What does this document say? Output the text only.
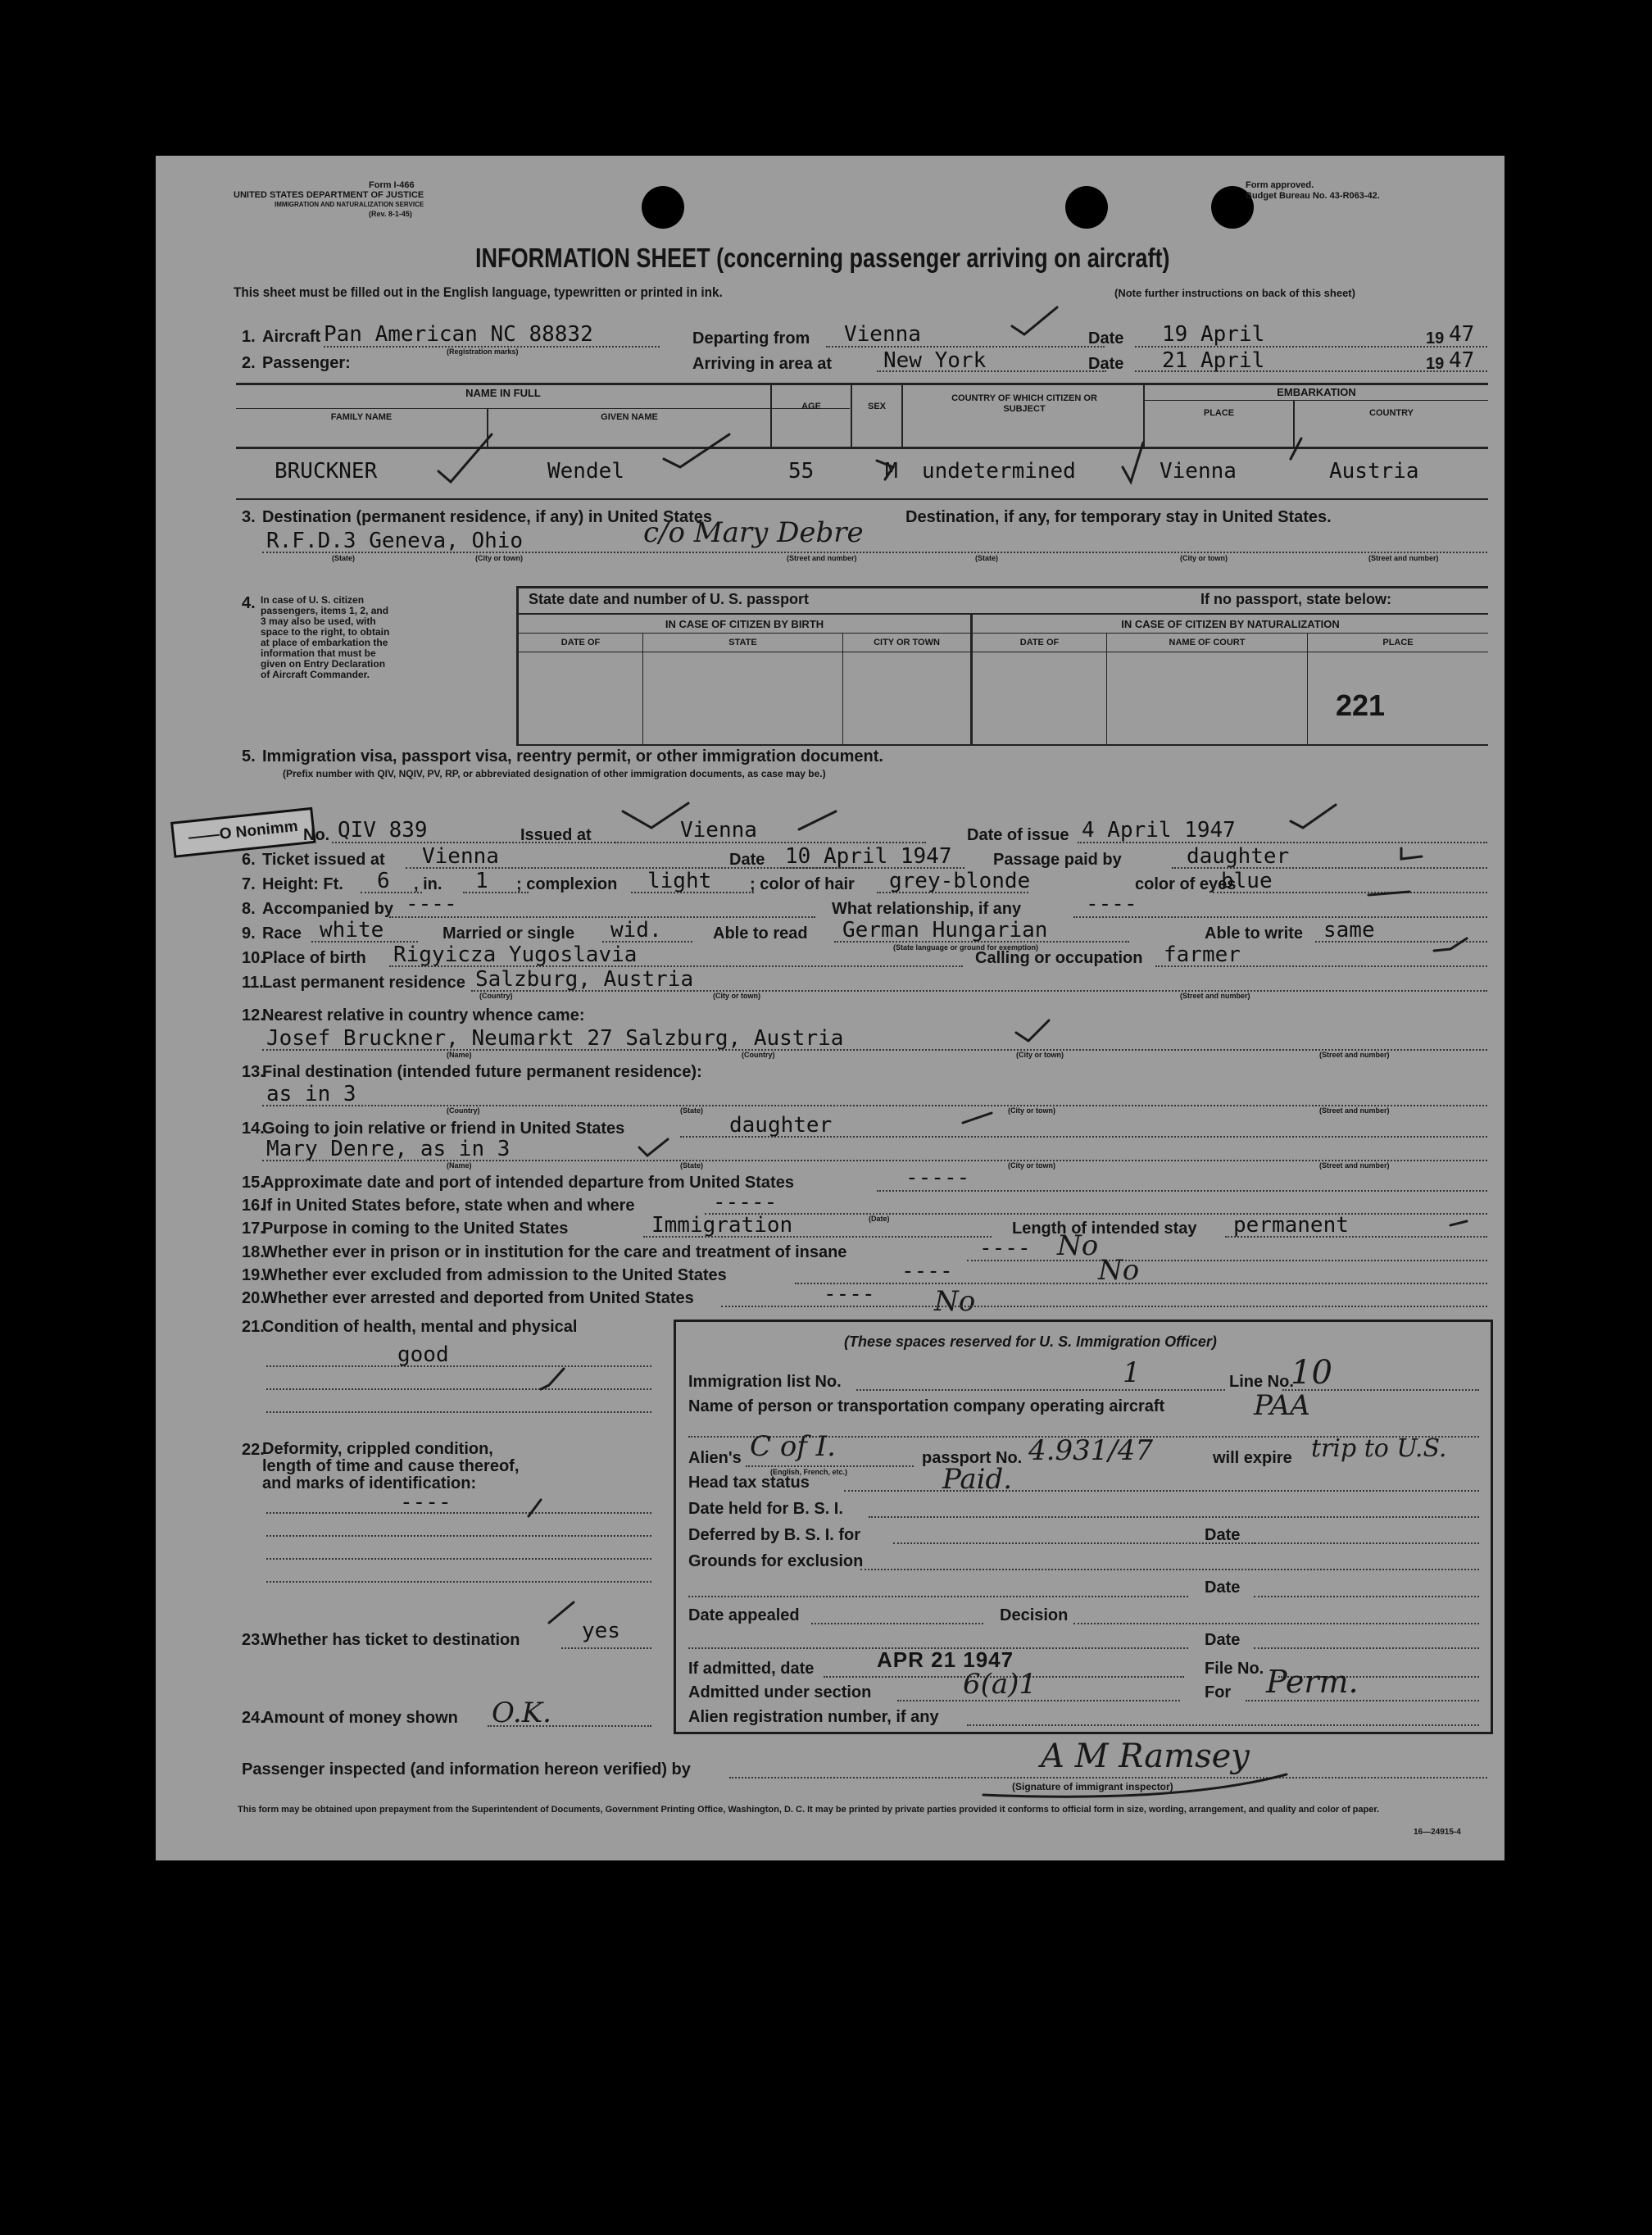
Form I-466
UNITED STATES DEPARTMENT OF JUSTICE
IMMIGRATION AND NATURALIZATION SERVICE
(Rev. 8-1-45)
Form approved.
Budget Bureau No. 43-R063-42.
INFORMATION SHEET (concerning passenger arriving on aircraft)
This sheet must be filled out in the English language, typewritten or printed in ink.	(Note further instructions on back of this sheet)
1. Aircraft Pan American NC 88832
(Registration marks)
Departing from Vienna	Date 19 April	19 47
2. Passenger:	Arriving in area at New York	Date 21 April	19 47
NAME IN FULL
FAMILY NAME	GIVEN NAME
AGE	SEX
COUNTRY OF WHICH CITIZEN OR SUBJECT
EMBARKATION
PLACE	COUNTRY
BRUCKNER	Wendel	55	M undetermined	Vienna	Austria
3. Destination (permanent residence, if any) in United States	Destination, if any, for temporary stay in United States.
R.F.D.3 Geneva, Ohio	c/o Mary Debre
(State)	(City or town)	(Street and number)	(State)	(City or town)	(Street and number)
4. In case of U. S. citizen passengers, items 1, 2, and 3 may also be used, with space to the right, to obtain at place of embarkation the information that must be given on Entry Declaration of Aircraft Commander.
State date and number of U. S. passport	If no passport, state below:
IN CASE OF CITIZEN BY BIRTH	IN CASE OF CITIZEN BY NATURALIZATION
DATE OF	STATE	CITY OR TOWN	DATE OF	NAME OF COURT	PLACE
221
5. Immigration visa, passport visa, reentry permit, or other immigration document.
(Prefix number with QIV, NQIV, PV, RP, or abbreviated designation of other immigration documents, as case may be.)
——O Nonimm No. QIV 839	Issued at	Vienna	Date of issue 4 April 1947
6. Ticket issued at Vienna	Date 10 April 1947	Passage paid by	daughter
7. Height: Ft. 6 , in. 1 ; complexion light ; color of hair grey-blonde	color of eyes
blue
8. Accompanied by ----	What relationship, if any	----
9. Race white	Married or single wid.	Able to read German Hungarian
(State language or ground for exemption)
Able to write same
10.
Place of birth Rigyicza Yugoslavia	Calling or occupation farmer
11.
Last permanent residence Salzburg, Austria
(Country)	(City or town)	(Street and number)
12.
Nearest relative in country whence came:
Josef Bruckner, Neumarkt 27 Salzburg, Austria
(Name)	(Country)	(City or town)	(Street and number)
13.
Final destination (intended future permanent residence):
as in 3
(Country)	(State)	(City or town)	(Street and number)
14.
Going to join relative or friend in United States	daughter
Mary Denre, as in 3
(Name)	(State)	(City or town)	(Street and number)
15.
Approximate date and port of intended departure from United States	-----
16.
If in United States before, state when and where	-----
(Date)
17.
Purpose in coming to the United States	Immigration	Length of intended stay permanent
18.
Whether ever in prison or in institution for the care and treatment of insane	---- No
19.
Whether ever excluded from admission to the United States	----	No
20.
Whether ever arrested and deported from United States	---- No
21.
Condition of health, mental and physical
good
22.
Deformity, crippled condition, length of time and cause thereof, and marks of identification:
----
23.
Whether has ticket to destination	yes
24.
Amount of money shown O.K.
(These spaces reserved for U. S. Immigration Officer)
Immigration list No.	1	Line No.
10
Name of person or transportation company operating aircraft	PAA
Alien's C of I.
(English, French, etc.)
passport No. 4.931/47	will expire trip to U.S.
Head tax status	Paid.
Date held for B. S. I.
Deferred by B. S. I. for	Date
Grounds for exclusion
Date
Date appealed	Decision
Date
If admitted, date	APR 21 1947	File No.
Admitted under section	6(a)1	For Perm.
Alien registration number, if any
Passenger inspected (and information hereon verified) by	A M Ramsey
(Signature of immigrant inspector)
This form may be obtained upon prepayment from the Superintendent of Documents, Government Printing Office, Washington, D. C. It may be printed by private parties provided it conforms to official form in size, wording, arrangement, and quality and color of paper.
16—24915-4
